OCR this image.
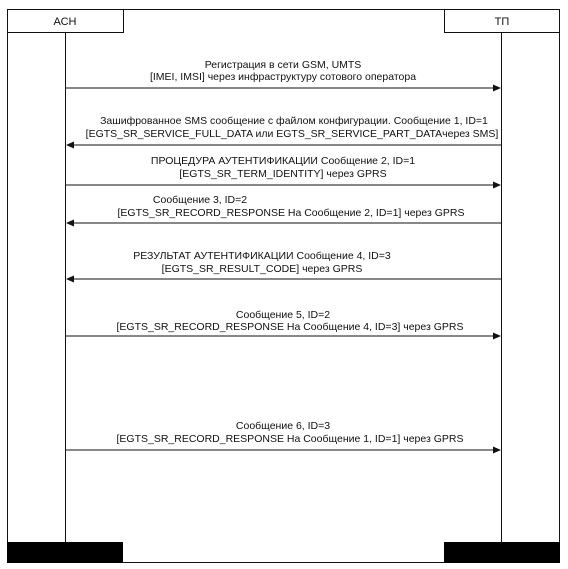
АСН	ТП
Регистрация в сети GSM, UMTS
[IMEI, IMSI] через инфраструктуру сотового оператора
Зашифрованное SMS сообщение с файлом конфигурации. Сообщение 1, ID=1
[EGTS_SR_SERVICE_FULL_DATA или EGTS_SR_SERVICE_PART_DATAчерез SMS]
ПРОЦЕДУРА АУТЕНТИФИКАЦИИ Сообщение 2, ID=1
[EGTS_SR_TERM_IDENTITY] через GPRS
Сообщение 3, ID=2
[EGTS_SR_RECORD_RESPONSE На Сообщение 2, ID=1] через GPRS
РЕЗУЛЬТАТ АУТЕНТИФИКАЦИИ Сообщение 4, ID=3
[EGTS_SR_RESULT_CODE] через GPRS
Сообщение 5, ID=2
[EGTS_SR_RECORD_RESPONSE На Сообщение 4, ID=3] через GPRS
Сообщение 6, ID=3
[EGTS_SR_RECORD_RESPONSE На Сообщение 1, ID=1] через GPRS
